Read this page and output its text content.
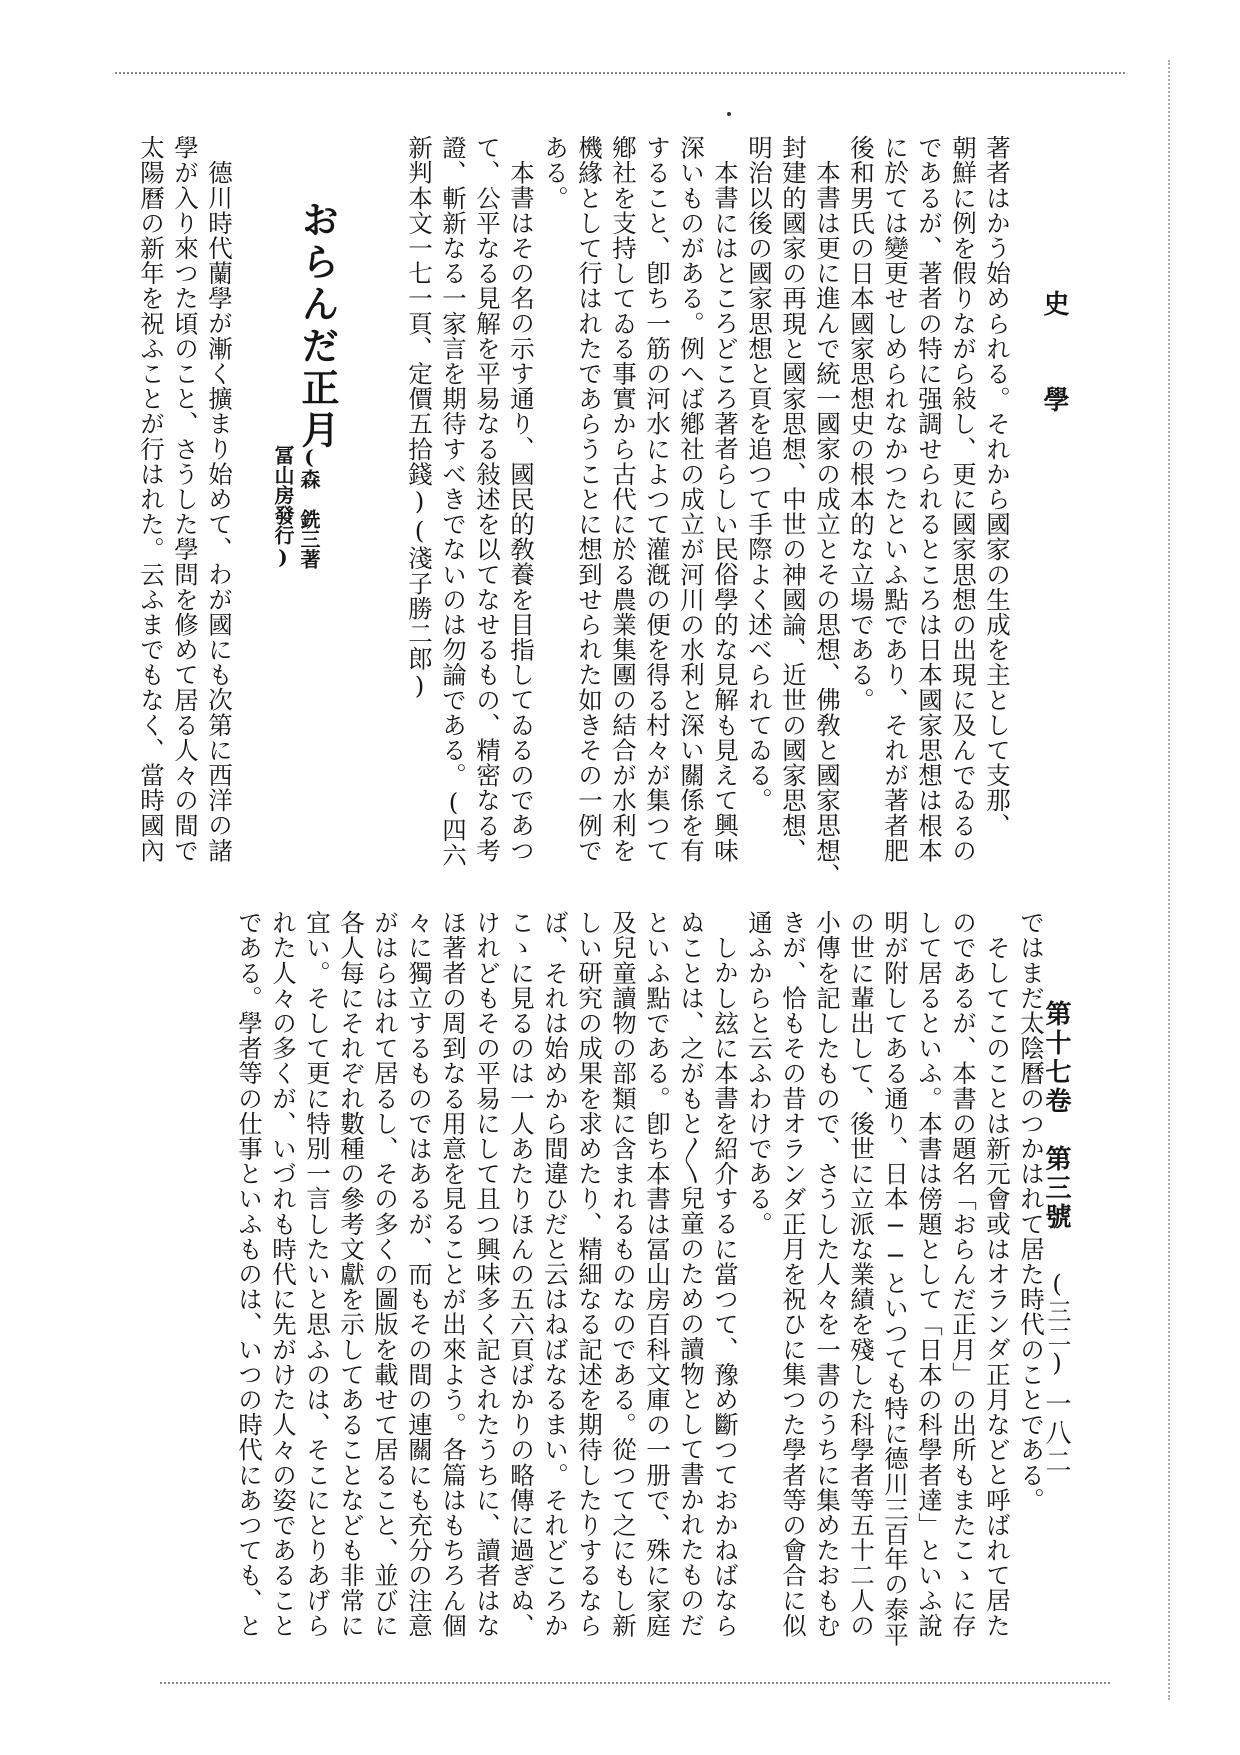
史　　學
第十七卷　第三號
(三二)
一八二
著者はかう始められる。それから國家の生成を主として支那、
朝鮮に例を假りながら敍し、更に國家思想の出現に及んでゐるの
であるが、著者の特に强調せられるところは日本國家思想は根本
に於ては變更せしめられなかつたといふ點であり、それが著者肥
後和男氏の日本國家思想史の根本的な立場である。
本書は更に進んで統一國家の成立とその思想、佛敎と國家思想、
封建的國家の再現と國家思想、中世の神國論、近世の國家思想、
明治以後の國家思想と頁を追つて手際よく述べられてゐる。
本書にはところどころ著者らしい民俗學的な見解も見えて興味
深いものがある。例へば鄕社の成立が河川の水利と深い關係を有
すること、卽ち一筋の河水によつて灌漑の便を得る村々が集つて
鄕社を支持してゐる事實から古代に於る農業集團の結合が水利を
機緣として行はれたであらうことに想到せられた如きその一例で
ある。
本書はその名の示す通り、國民的敎養を目指してゐるのであつ
て、公平なる見解を平易なる敍述を以てなせるもの、精密なる考
證、斬新なる一家言を期待すべきでないのは勿論である。(四六
新判本文一七一頁、定價五拾錢)(淺子勝二郎)
おらんだ正月
(森　銑三著
冨山房發行)
德川時代蘭學が漸く擴まり始めて、わが國にも次第に西洋の諸
學が入り來つた頃のこと、さうした學問を修めて居る人々の間で
太陽曆の新年を祝ふことが行はれた。云ふまでもなく、當時國內
ではまだ太陰曆のつかはれて居た時代のことである。
そしてこのことは新元會或はオランダ正月などと呼ばれて居た
のであるが、本書の題名「おらんだ正月」の出所もまたこゝに存
して居るといふ。本書は傍題として「日本の科學者達」といふ說
明が附してある通り、日本──といつても特に德川三百年の泰平
の世に輩出して、後世に立派な業績を殘した科學者等五十二人の
小傳を記したもので、さうした人々を一書のうちに集めたおもむ
きが、恰もその昔オランダ正月を祝ひに集つた學者等の會合に似
通ふからと云ふわけである。
しかし玆に本書を紹介するに當つて、豫め斷つておかねばなら
ぬことは、之がもと〳〵兒童のための讀物として書かれたものだ
といふ點である。卽ち本書は冨山房百科文庫の一册で、殊に家庭
及兒童讀物の部類に含まれるものなのである。從つて之にもし新
しい研究の成果を求めたり、精細なる記述を期待したりするなら
ば、それは始めから間違ひだと云はねばなるまい。それどころか
こゝに見るのは一人あたりほんの五六頁ばかりの略傳に過ぎぬ、
けれどもその平易にして且つ興味多く記されたうちに、讀者はな
ほ著者の周到なる用意を見ることが出來よう。各篇はもちろん個
々に獨立するものではあるが、而もその間の連關にも充分の注意
がはらはれて居るし、その多くの圖版を載せて居ること、並びに
各人每にそれぞれ數種の參考文獻を示してあることなども非常に
宜い。そして更に特別一言したいと思ふのは、そこにとりあげら
れた人々の多くが、いづれも時代に先がけた人々の姿であること
である。學者等の仕事といふものは、いつの時代にあつても、と
